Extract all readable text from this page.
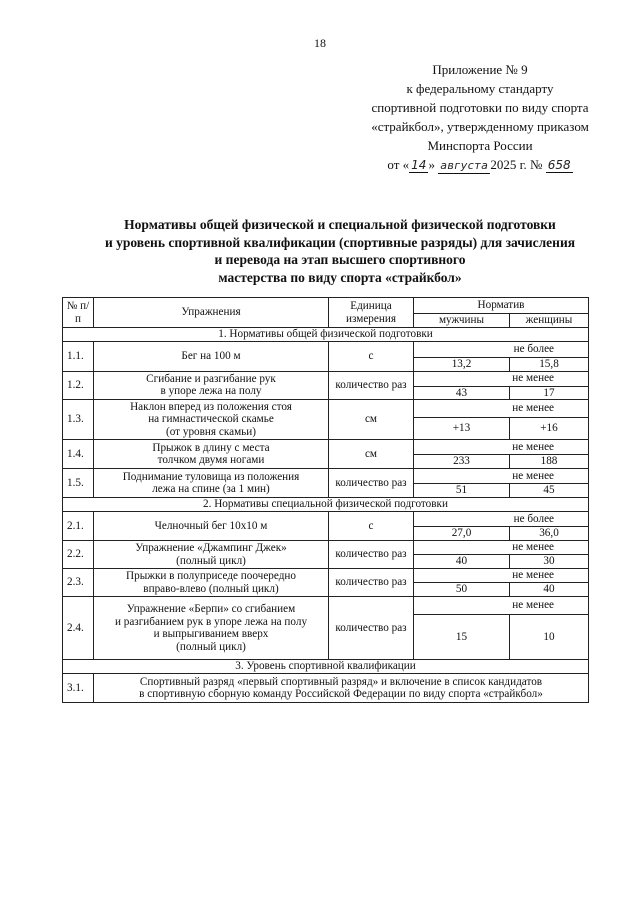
18
Приложение № 9
к федеральному стандарту
спортивной подготовки по виду спорта
«страйкбол», утвержденному приказом
Минспорта России
от « 14 » августа 2025 г. № 658
Нормативы общей физической и специальной физической подготовки
и уровень спортивной квалификации (спортивные разряды) для зачисления
и перевода на этап высшего спортивного
мастерства по виду спорта «страйкбол»
№ п/п	Упражнения	Единица измерения	Норматив	
			мужчины	женщины
1. Нормативы общей физической подготовки				
1.1.	Бег на 100 м	с	не более	
			13,2	15,8
1.2.	Сгибание и разгибание рук
в упоре лежа на полу	количество раз	не менее	
			43	17
1.3.	Наклон вперед из положения стоя
на гимнастической скамье
(от уровня скамьи)	см	не менее	
			+13	+16
1.4.	Прыжок в длину с места
толчком двумя ногами	см	не менее	
			233	188
1.5.	Поднимание туловища из положения
лежа на спине (за 1 мин)	количество раз	не менее	
			51	45
2. Нормативы специальной физической подготовки				
2.1.	Челночный бег 10х10 м	с	не более	
			27,0	36,0
2.2.	Упражнение «Джампинг Джек»
(полный цикл)	количество раз	не менее	
			40	30
2.3.	Прыжки в полуприседе поочередно
вправо-влево (полный цикл)	количество раз	не менее	
			50	40
2.4.	Упражнение «Берпи» со сгибанием
и разгибанием рук в упоре лежа на полу
и выпрыгиванием вверх
(полный цикл)	количество раз	не менее	
			15	10
3. Уровень спортивной квалификации				
3.1.	Спортивный разряд «первый спортивный разряд» и включение в список кандидатов
в спортивную сборную команду Российской Федерации по виду спорта «страйкбол»			
